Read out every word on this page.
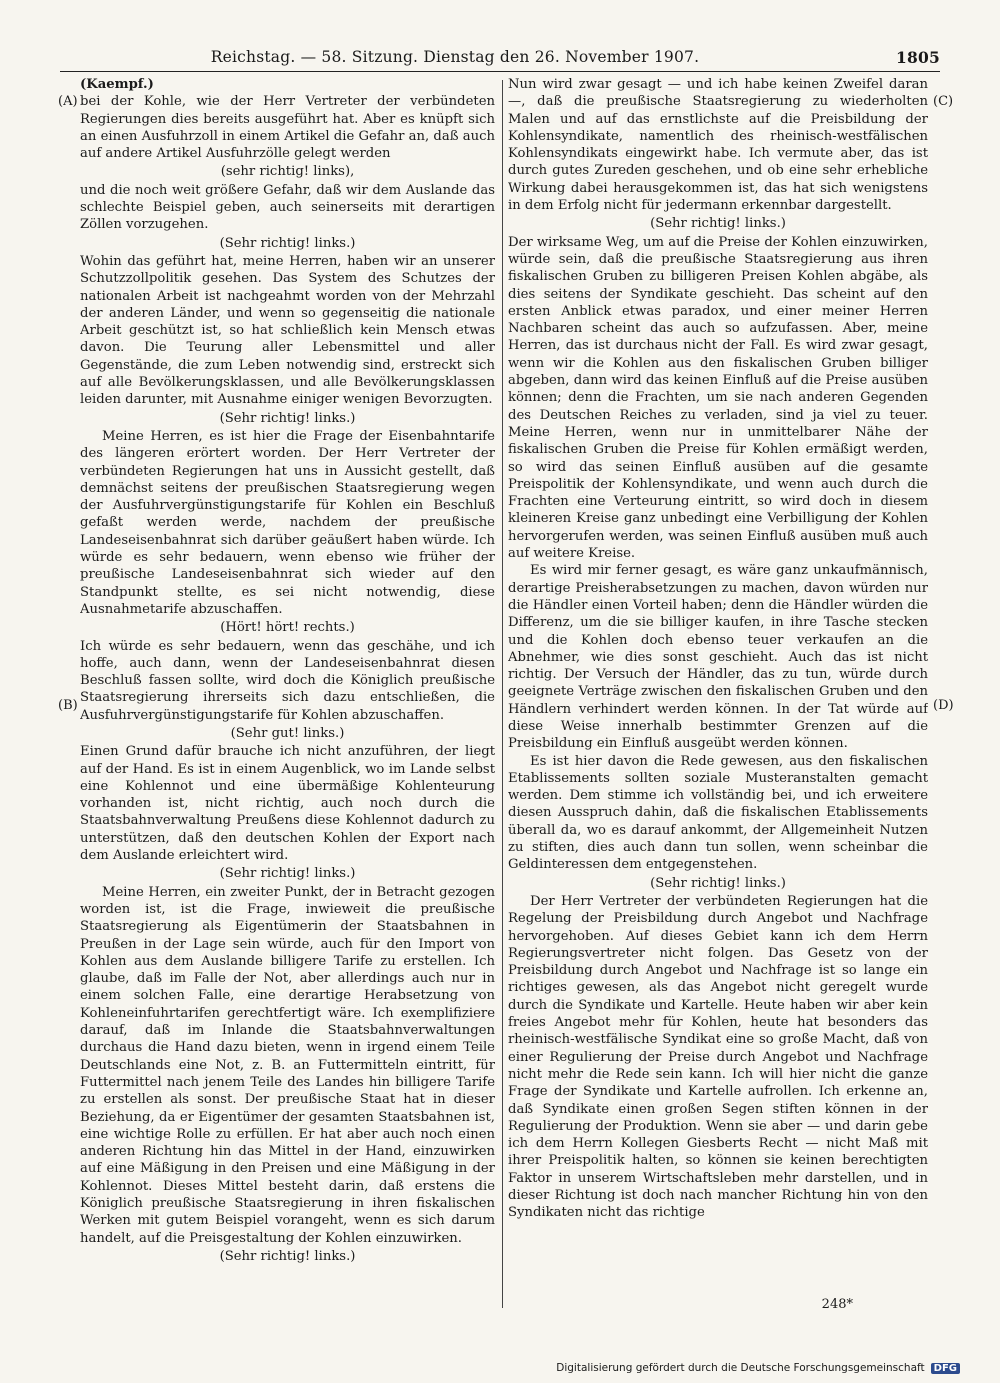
Reichstag. — 58. Sitzung. Dienstag den 26. November 1907.	1805
(A)
(B)
(C)
(D)

(Kaempf.)

bei der Kohle, wie der Herr Vertreter der verbündeten Regierungen dies bereits ausgeführt hat. Aber es knüpft sich an einen Ausfuhrzoll in einem Artikel die Gefahr an, daß auch auf andere Artikel Ausfuhrzölle gelegt werden

(sehr richtig! links),

und die noch weit größere Gefahr, daß wir dem Auslande das schlechte Beispiel geben, auch seinerseits mit derartigen Zöllen vorzugehen.

(Sehr richtig! links.)

Wohin das geführt hat, meine Herren, haben wir an unserer Schutzzollpolitik gesehen. Das System des Schutzes der nationalen Arbeit ist nachgeahmt worden von der Mehrzahl der anderen Länder, und wenn so gegenseitig die nationale Arbeit geschützt ist, so hat schließlich kein Mensch etwas davon. Die Teurung aller Lebensmittel und aller Gegenstände, die zum Leben notwendig sind, erstreckt sich auf alle Bevölkerungsklassen, und alle Bevölkerungsklassen leiden darunter, mit Ausnahme einiger wenigen Bevorzugten.

(Sehr richtig! links.)

Meine Herren, es ist hier die Frage der Eisenbahntarife des längeren erörtert worden. Der Herr Vertreter der verbündeten Regierungen hat uns in Aussicht gestellt, daß demnächst seitens der preußischen Staatsregierung wegen der Ausfuhrvergünstigungstarife für Kohlen ein Beschluß gefaßt werden werde, nachdem der preußische Landeseisenbahnrat sich darüber geäußert haben würde. Ich würde es sehr bedauern, wenn ebenso wie früher der preußische Landeseisenbahnrat sich wieder auf den Standpunkt stellte, es sei nicht notwendig, diese Ausnahmetarife abzuschaffen.

(Hört! hört! rechts.)

Ich würde es sehr bedauern, wenn das geschähe, und ich hoffe, auch dann, wenn der Landeseisenbahnrat diesen Beschluß fassen sollte, wird doch die Königlich preußische Staatsregierung ihrerseits sich dazu entschließen, die Ausfuhrvergünstigungstarife für Kohlen abzuschaffen.

(Sehr gut! links.)

Einen Grund dafür brauche ich nicht anzuführen, der liegt auf der Hand. Es ist in einem Augenblick, wo im Lande selbst eine Kohlennot und eine übermäßige Kohlenteurung vorhanden ist, nicht richtig, auch noch durch die Staatsbahnverwaltung Preußens diese Kohlennot dadurch zu unterstützen, daß den deutschen Kohlen der Export nach dem Auslande erleichtert wird.

(Sehr richtig! links.)

Meine Herren, ein zweiter Punkt, der in Betracht gezogen worden ist, ist die Frage, inwieweit die preußische Staatsregierung als Eigentümerin der Staatsbahnen in Preußen in der Lage sein würde, auch für den Import von Kohlen aus dem Auslande billigere Tarife zu erstellen. Ich glaube, daß im Falle der Not, aber allerdings auch nur in einem solchen Falle, eine derartige Herabsetzung von Kohleneinfuhrtarifen gerechtfertigt wäre. Ich exemplifiziere darauf, daß im Inlande die Staatsbahnverwaltungen durchaus die Hand dazu bieten, wenn in irgend einem Teile Deutschlands eine Not, z. B. an Futtermitteln eintritt, für Futtermittel nach jenem Teile des Landes hin billigere Tarife zu erstellen als sonst. Der preußische Staat hat in dieser Beziehung, da er Eigentümer der gesamten Staatsbahnen ist, eine wichtige Rolle zu erfüllen. Er hat aber auch noch einen anderen Richtung hin das Mittel in der Hand, einzuwirken auf eine Mäßigung in den Preisen und eine Mäßigung in der Kohlennot. Dieses Mittel besteht darin, daß erstens die Königlich preußische Staatsregierung in ihren fiskalischen Werken mit gutem Beispiel vorangeht, wenn es sich darum handelt, auf die Preisgestaltung der Kohlen einzuwirken.

(Sehr richtig! links.)

Nun wird zwar gesagt — und ich habe keinen Zweifel daran —, daß die preußische Staatsregierung zu wiederholten Malen und auf das ernstlichste auf die Preisbildung der Kohlensyndikate, namentlich des rheinisch-westfälischen Kohlensyndikats eingewirkt habe. Ich vermute aber, das ist durch gutes Zureden geschehen, und ob eine sehr erhebliche Wirkung dabei herausgekommen ist, das hat sich wenigstens in dem Erfolg nicht für jedermann erkennbar dargestellt.

(Sehr richtig! links.)

Der wirksame Weg, um auf die Preise der Kohlen einzuwirken, würde sein, daß die preußische Staatsregierung aus ihren fiskalischen Gruben zu billigeren Preisen Kohlen abgäbe, als dies seitens der Syndikate geschieht. Das scheint auf den ersten Anblick etwas paradox, und einer meiner Herren Nachbaren scheint das auch so aufzufassen. Aber, meine Herren, das ist durchaus nicht der Fall. Es wird zwar gesagt, wenn wir die Kohlen aus den fiskalischen Gruben billiger abgeben, dann wird das keinen Einfluß auf die Preise ausüben können; denn die Frachten, um sie nach anderen Gegenden des Deutschen Reiches zu verladen, sind ja viel zu teuer. Meine Herren, wenn nur in unmittelbarer Nähe der fiskalischen Gruben die Preise für Kohlen ermäßigt werden, so wird das seinen Einfluß ausüben auf die gesamte Preispolitik der Kohlensyndikate, und wenn auch durch die Frachten eine Verteurung eintritt, so wird doch in diesem kleineren Kreise ganz unbedingt eine Verbilligung der Kohlen hervorgerufen werden, was seinen Einfluß ausüben muß auch auf weitere Kreise.

Es wird mir ferner gesagt, es wäre ganz unkaufmännisch, derartige Preisherabsetzungen zu machen, davon würden nur die Händler einen Vorteil haben; denn die Händler würden die Differenz, um die sie billiger kaufen, in ihre Tasche stecken und die Kohlen doch ebenso teuer verkaufen an die Abnehmer, wie dies sonst geschieht. Auch das ist nicht richtig. Der Versuch der Händler, das zu tun, würde durch geeignete Verträge zwischen den fiskalischen Gruben und den Händlern verhindert werden können. In der Tat würde auf diese Weise innerhalb bestimmter Grenzen auf die Preisbildung ein Einfluß ausgeübt werden können.

Es ist hier davon die Rede gewesen, aus den fiskalischen Etablissements sollten soziale Musteranstalten gemacht werden. Dem stimme ich vollständig bei, und ich erweitere diesen Ausspruch dahin, daß die fiskalischen Etablissements überall da, wo es darauf ankommt, der Allgemeinheit Nutzen zu stiften, dies auch dann tun sollen, wenn scheinbar die Geldinteressen dem entgegenstehen.

(Sehr richtig! links.)

Der Herr Vertreter der verbündeten Regierungen hat die Regelung der Preisbildung durch Angebot und Nachfrage hervorgehoben. Auf dieses Gebiet kann ich dem Herrn Regierungsvertreter nicht folgen. Das Gesetz von der Preisbildung durch Angebot und Nachfrage ist so lange ein richtiges gewesen, als das Angebot nicht geregelt wurde durch die Syndikate und Kartelle. Heute haben wir aber kein freies Angebot mehr für Kohlen, heute hat besonders das rheinisch-westfälische Syndikat eine so große Macht, daß von einer Regulierung der Preise durch Angebot und Nachfrage nicht mehr die Rede sein kann. Ich will hier nicht die ganze Frage der Syndikate und Kartelle aufrollen. Ich erkenne an, daß Syndikate einen großen Segen stiften können in der Regulierung der Produktion. Wenn sie aber — und darin gebe ich dem Herrn Kollegen Giesberts Recht — nicht Maß mit ihrer Preispolitik halten, so können sie keinen berechtigten Faktor in unserem Wirtschaftsleben mehr darstellen, und in dieser Richtung ist doch nach mancher Richtung hin von den Syndikaten nicht das richtige

248*
Digitalisierung gefördert durch die Deutsche Forschungsgemeinschaft DFG
